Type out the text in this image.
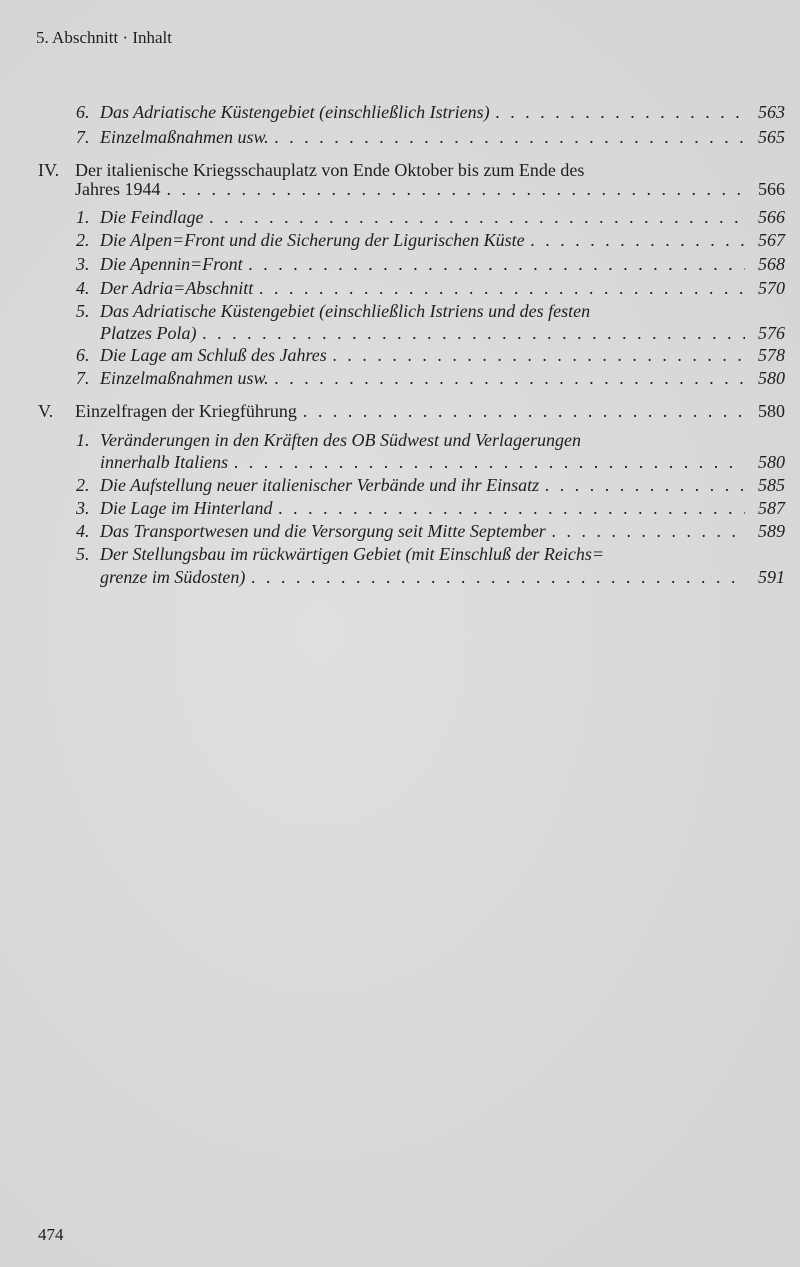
5. Abschnitt · Inhalt
6. Das Adriatische Küstengebiet (einschließlich Istriens) . . .	563
7. Einzelmaßnahmen usw. . . .	565
IV. Der italienische Kriegsschauplatz von Ende Oktober bis zum Ende des
Jahres 1944 . . .	566
1. Die Feindlage . . .	566
2. Die Alpen=Front und die Sicherung der Ligurischen Küste . . .	567
3. Die Apennin=Front . . .	568
4. Der Adria=Abschnitt . . .	570
5. Das Adriatische Küstengebiet (einschließlich Istriens und des festen
Platzes Pola) . . .	576
6. Die Lage am Schluß des Jahres . . .	578
7. Einzelmaßnahmen usw. . . .	580
V. Einzelfragen der Kriegführung . . .	580
1. Veränderungen in den Kräften des OB Südwest und Verlagerungen
innerhalb Italiens . . .	580
2. Die Aufstellung neuer italienischer Verbände und ihr Einsatz . . .	585
3. Die Lage im Hinterland . . .	587
4. Das Transportwesen und die Versorgung seit Mitte September . . .	589
5. Der Stellungsbau im rückwärtigen Gebiet (mit Einschluß der Reichs=
grenze im Südosten) . . .	591
474
